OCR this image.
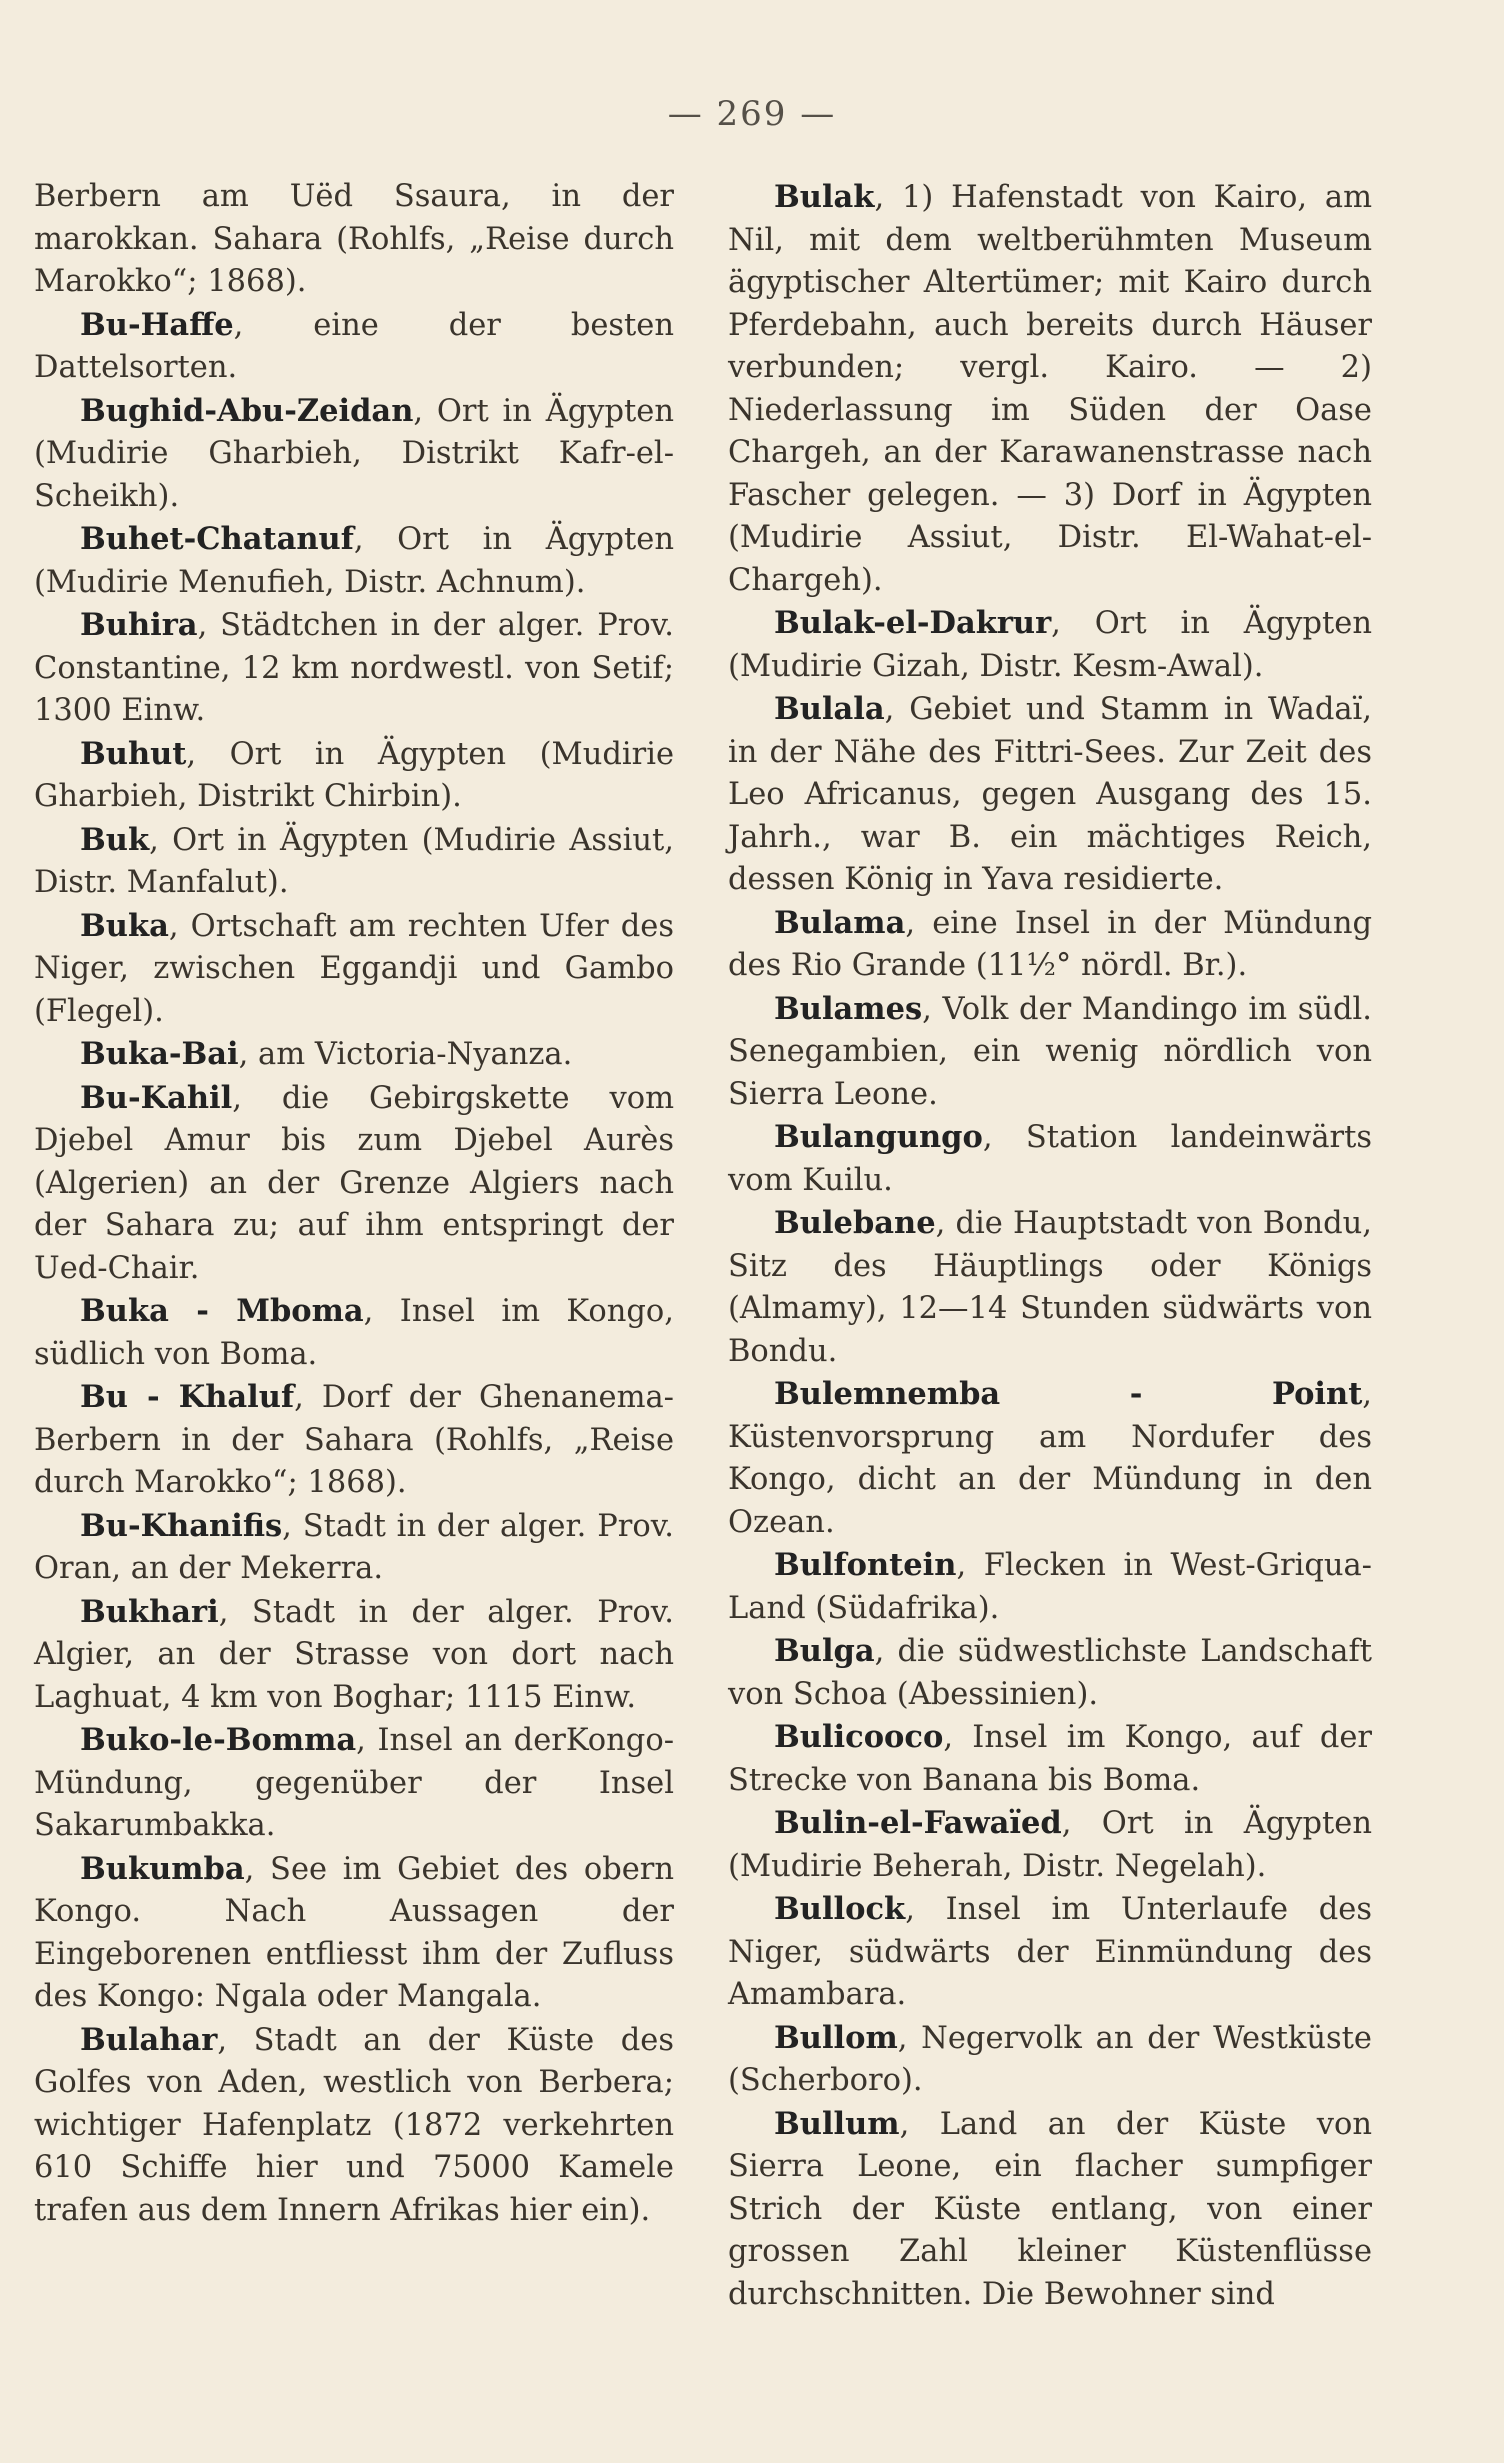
— 269 —

Berbern am Uëd Ssaura, in der marokkan. Sahara (Rohlfs, „Reise durch Marokko“; 1868).

Bu-Haffe, eine der besten Dattelsorten.

Bughid-Abu-Zeidan, Ort in Ägypten (Mudirie Gharbieh, Distrikt Kafr-el-Scheikh).

Buhet-Chatanuf, Ort in Ägypten (Mudirie Menufieh, Distr. Achnum).

Buhira, Städtchen in der alger. Prov. Constantine, 12 km nordwestl. von Setif; 1300 Einw.

Buhut, Ort in Ägypten (Mudirie Gharbieh, Distrikt Chirbin).

Buk, Ort in Ägypten (Mudirie Assiut, Distr. Manfalut).

Buka, Ortschaft am rechten Ufer des Niger, zwischen Eggandji und Gambo (Flegel).

Buka-Bai, am Victoria-Nyanza.

Bu-Kahil, die Gebirgskette vom Djebel Amur bis zum Djebel Aurès (Algerien) an der Grenze Algiers nach der Sahara zu; auf ihm entspringt der Ued-Chair.

Buka - Mboma, Insel im Kongo, südlich von Boma.

Bu - Khaluf, Dorf der Ghenanema-Berbern in der Sahara (Rohlfs, „Reise durch Marokko“; 1868).

Bu-Khanifis, Stadt in der alger. Prov. Oran, an der Mekerra.

Bukhari, Stadt in der alger. Prov. Algier, an der Strasse von dort nach Laghuat, 4 km von Boghar; 1115 Einw.

Buko-le-Bomma, Insel an derKongo-Mündung, gegenüber der Insel Sakarumbakka.

Bukumba, See im Gebiet des obern Kongo. Nach Aussagen der Eingeborenen entfliesst ihm der Zufluss des Kongo: Ngala oder Mangala.

Bulahar, Stadt an der Küste des Golfes von Aden, westlich von Berbera; wichtiger Hafenplatz (1872 verkehrten 610 Schiffe hier und 75000 Kamele trafen aus dem Innern Afrikas hier ein).

Bulak, 1) Hafenstadt von Kairo, am Nil, mit dem weltberühmten Museum ägyptischer Altertümer; mit Kairo durch Pferdebahn, auch bereits durch Häuser verbunden; vergl. Kairo. — 2) Niederlassung im Süden der Oase Chargeh, an der Karawanenstrasse nach Fascher gelegen. — 3) Dorf in Ägypten (Mudirie Assiut, Distr. El-Wahat-el-Chargeh).

Bulak-el-Dakrur, Ort in Ägypten (Mudirie Gizah, Distr. Kesm-Awal).

Bulala, Gebiet und Stamm in Wadaï, in der Nähe des Fittri-Sees. Zur Zeit des Leo Africanus, gegen Ausgang des 15. Jahrh., war B. ein mächtiges Reich, dessen König in Yava residierte.

Bulama, eine Insel in der Mündung des Rio Grande (11½° nördl. Br.).

Bulames, Volk der Mandingo im südl. Senegambien, ein wenig nördlich von Sierra Leone.

Bulangungo, Station landeinwärts vom Kuilu.

Bulebane, die Hauptstadt von Bondu, Sitz des Häuptlings oder Königs (Almamy), 12—14 Stunden südwärts von Bondu.

Bulemnemba - Point, Küstenvorsprung am Nordufer des Kongo, dicht an der Mündung in den Ozean.

Bulfontein, Flecken in West-Griqua-Land (Südafrika).

Bulga, die südwestlichste Landschaft von Schoa (Abessinien).

Bulicooco, Insel im Kongo, auf der Strecke von Banana bis Boma.

Bulin-el-Fawaïed, Ort in Ägypten (Mudirie Beherah, Distr. Negelah).

Bullock, Insel im Unterlaufe des Niger, südwärts der Einmündung des Amambara.

Bullom, Negervolk an der Westküste (Scherboro).

Bullum, Land an der Küste von Sierra Leone, ein flacher sumpfiger Strich der Küste entlang, von einer grossen Zahl kleiner Küstenflüsse durchschnitten. Die Bewohner sind
